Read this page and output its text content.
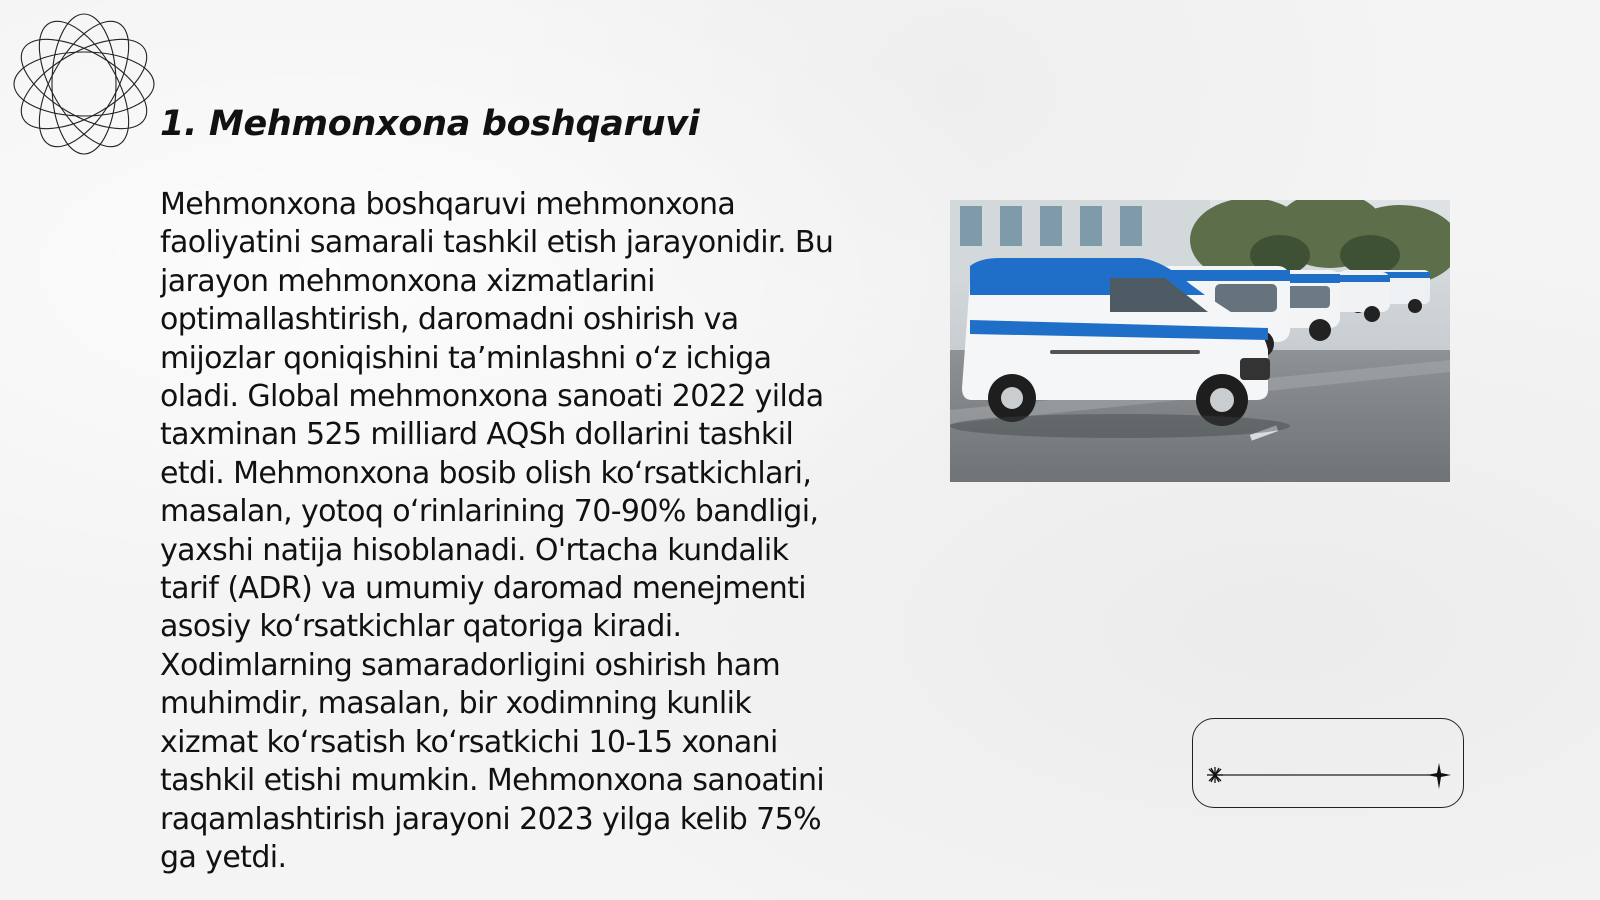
1. Mehmonxona boshqaruvi

Mehmonxona boshqaruvi mehmonxona faoliyatini samarali tashkil etish jarayonidir. Bu jarayon mehmonxona xizmatlarini optimallashtirish, daromadni oshirish va mijozlar qoniqishini ta’minlashni o‘z ichiga oladi. Global mehmonxona sanoati 2022 yilda taxminan 525 milliard AQSh dollarini tashkil etdi. Mehmonxona bosib olish ko‘rsatkichlari, masalan, yotoq o‘rinlarining 70-90% bandligi, yaxshi natija hisoblanadi. O'rtacha kundalik tarif (ADR) va umumiy daromad menejmenti asosiy ko‘rsatkichlar qatoriga kiradi. Xodimlarning samaradorligini oshirish ham muhimdir, masalan, bir xodimning kunlik xizmat ko‘rsatish ko‘rsatkichi 10-15 xonani tashkil etishi mumkin. Mehmonxona sanoatini raqamlashtirish jarayoni 2023 yilga kelib 75% ga yetdi.
